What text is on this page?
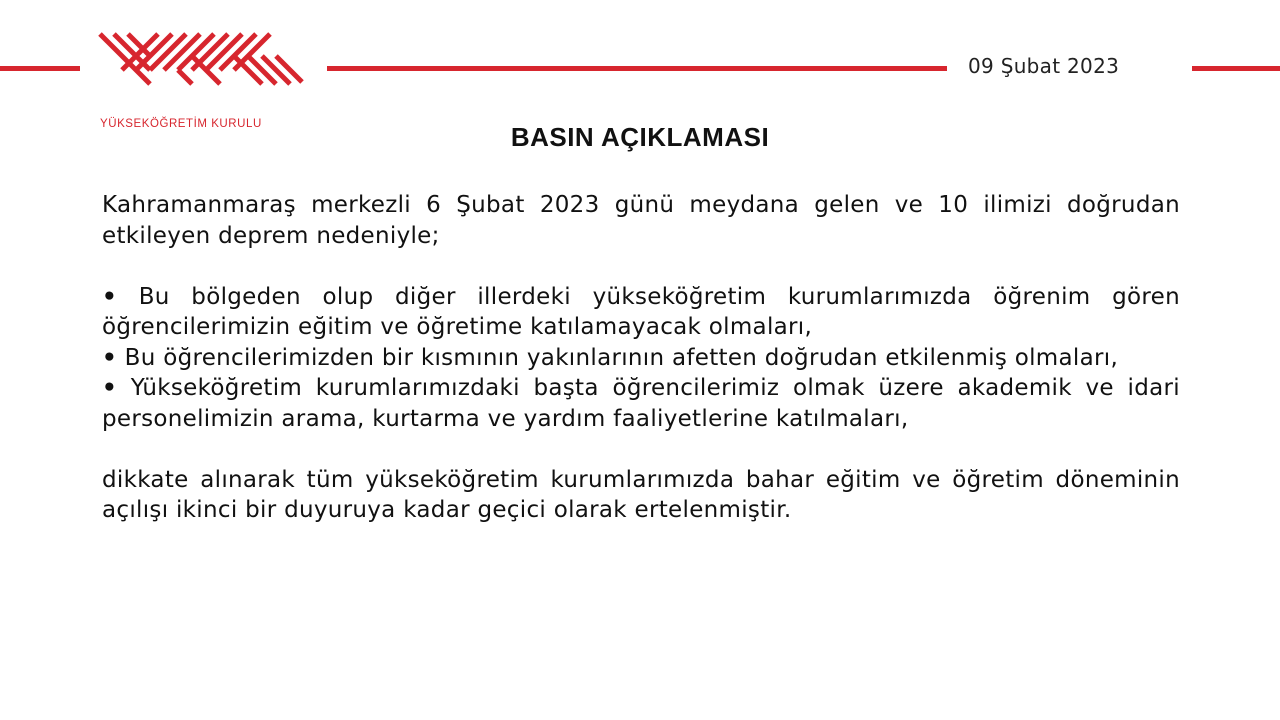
YÜKSEKÖĞRETİM KURULU
09 Şubat 2023
BASIN AÇIKLAMASI

Kahramanmaraş merkezli 6 Şubat 2023 günü meydana gelen ve 10 ilimizi doğrudan etkileyen deprem nedeniyle;

• Bu bölgeden olup diğer illerdeki yükseköğretim kurumlarımızda öğrenim gören öğrencilerimizin eğitim ve öğretime katılamayacak olmaları,

• Bu öğrencilerimizden bir kısmının yakınlarının afetten doğrudan etkilenmiş olmaları,

• Yükseköğretim kurumlarımızdaki başta öğrencilerimiz olmak üzere akademik ve idari personelimizin arama, kurtarma ve yardım faaliyetlerine katılmaları,

dikkate alınarak tüm yükseköğretim kurumlarımızda bahar eğitim ve öğretim döneminin açılışı ikinci bir duyuruya kadar geçici olarak ertelenmiştir.
